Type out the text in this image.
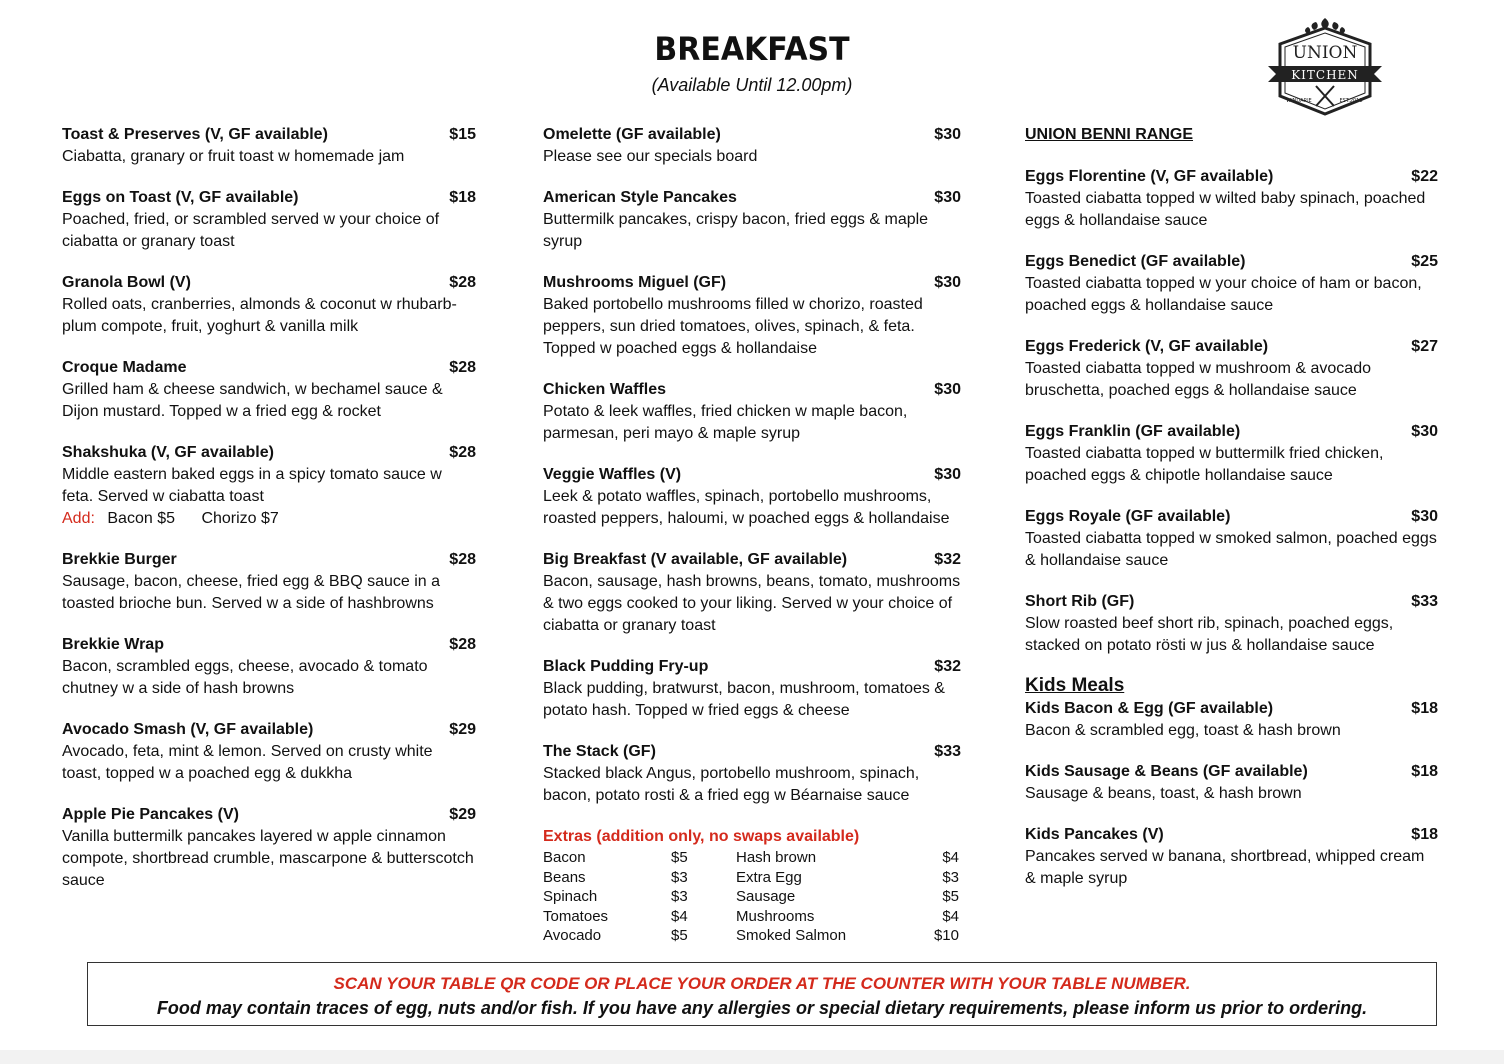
BREAKFAST
(Available Until 12.00pm)
UNION
KITCHEN
WINDARIE	EST.2018
Toast & Preserves (V, GF available)	$15
Ciabatta, granary or fruit toast w homemade jam
Eggs on Toast (V, GF available)	$18
Poached, fried, or scrambled served w your choice of ciabatta or granary toast
Granola Bowl (V)	$28
Rolled oats, cranberries, almonds & coconut w rhubarb-plum compote, fruit, yoghurt & vanilla milk
Croque Madame	$28
Grilled ham & cheese sandwich, w bechamel sauce & Dijon mustard. Topped w a fried egg & rocket
Shakshuka (V, GF available)	$28
Middle eastern baked eggs in a spicy tomato sauce w feta. Served w ciabatta toast
Add: Bacon $5 Chorizo $7
Brekkie Burger	$28
Sausage, bacon, cheese, fried egg & BBQ sauce in a toasted brioche bun. Served w a side of hashbrowns
Brekkie Wrap	$28
Bacon, scrambled eggs, cheese, avocado & tomato chutney w a side of hash browns
Avocado Smash (V, GF available)	$29
Avocado, feta, mint & lemon. Served on crusty white toast, topped w a poached egg & dukkha
Apple Pie Pancakes (V)	$29
Vanilla buttermilk pancakes layered w apple cinnamon compote, shortbread crumble, mascarpone & butterscotch sauce
Omelette (GF available)	$30
Please see our specials board
American Style Pancakes	$30
Buttermilk pancakes, crispy bacon, fried eggs & maple syrup
Mushrooms Miguel (GF)	$30
Baked portobello mushrooms filled w chorizo, roasted peppers, sun dried tomatoes, olives, spinach, & feta. Topped w poached eggs & hollandaise
Chicken Waffles	$30
Potato & leek waffles, fried chicken w maple bacon, parmesan, peri mayo & maple syrup
Veggie Waffles (V)	$30
Leek & potato waffles, spinach, portobello mushrooms, roasted peppers, haloumi, w poached eggs & hollandaise
Big Breakfast (V available, GF available)	$32
Bacon, sausage, hash browns, beans, tomato, mushrooms & two eggs cooked to your liking. Served w your choice of ciabatta or granary toast
Black Pudding Fry-up	$32
Black pudding, bratwurst, bacon, mushroom, tomatoes & potato hash. Topped w fried eggs & cheese
The Stack (GF)	$33
Stacked black Angus, portobello mushroom, spinach, bacon, potato rosti & a fried egg w Béarnaise sauce
Extras (addition only, no swaps available)
Bacon	$5	Hash brown	$4
Beans	$3	Extra Egg	$3
Spinach	$3	Sausage	$5
Tomatoes	$4	Mushrooms	$4
Avocado	$5	Smoked Salmon	$10
UNION BENNI RANGE
Eggs Florentine (V, GF available)	$22
Toasted ciabatta topped w wilted baby spinach, poached eggs & hollandaise sauce
Eggs Benedict (GF available)	$25
Toasted ciabatta topped w your choice of ham or bacon, poached eggs & hollandaise sauce
Eggs Frederick (V, GF available)	$27
Toasted ciabatta topped w mushroom & avocado bruschetta, poached eggs & hollandaise sauce
Eggs Franklin (GF available)	$30
Toasted ciabatta topped w buttermilk fried chicken, poached eggs & chipotle hollandaise sauce
Eggs Royale (GF available)	$30
Toasted ciabatta topped w smoked salmon, poached eggs & hollandaise sauce
Short Rib (GF)	$33
Slow roasted beef short rib, spinach, poached eggs, stacked on potato rösti w jus & hollandaise sauce
Kids Meals
Kids Bacon & Egg (GF available)	$18
Bacon & scrambled egg, toast & hash brown
Kids Sausage & Beans (GF available)	$18
Sausage & beans, toast, & hash brown
Kids Pancakes (V)	$18
Pancakes served w banana, shortbread, whipped cream & maple syrup
SCAN YOUR TABLE QR CODE OR PLACE YOUR ORDER AT THE COUNTER WITH YOUR TABLE NUMBER.
Food may contain traces of egg, nuts and/or fish. If you have any allergies or special dietary requirements, please inform us prior to ordering.
